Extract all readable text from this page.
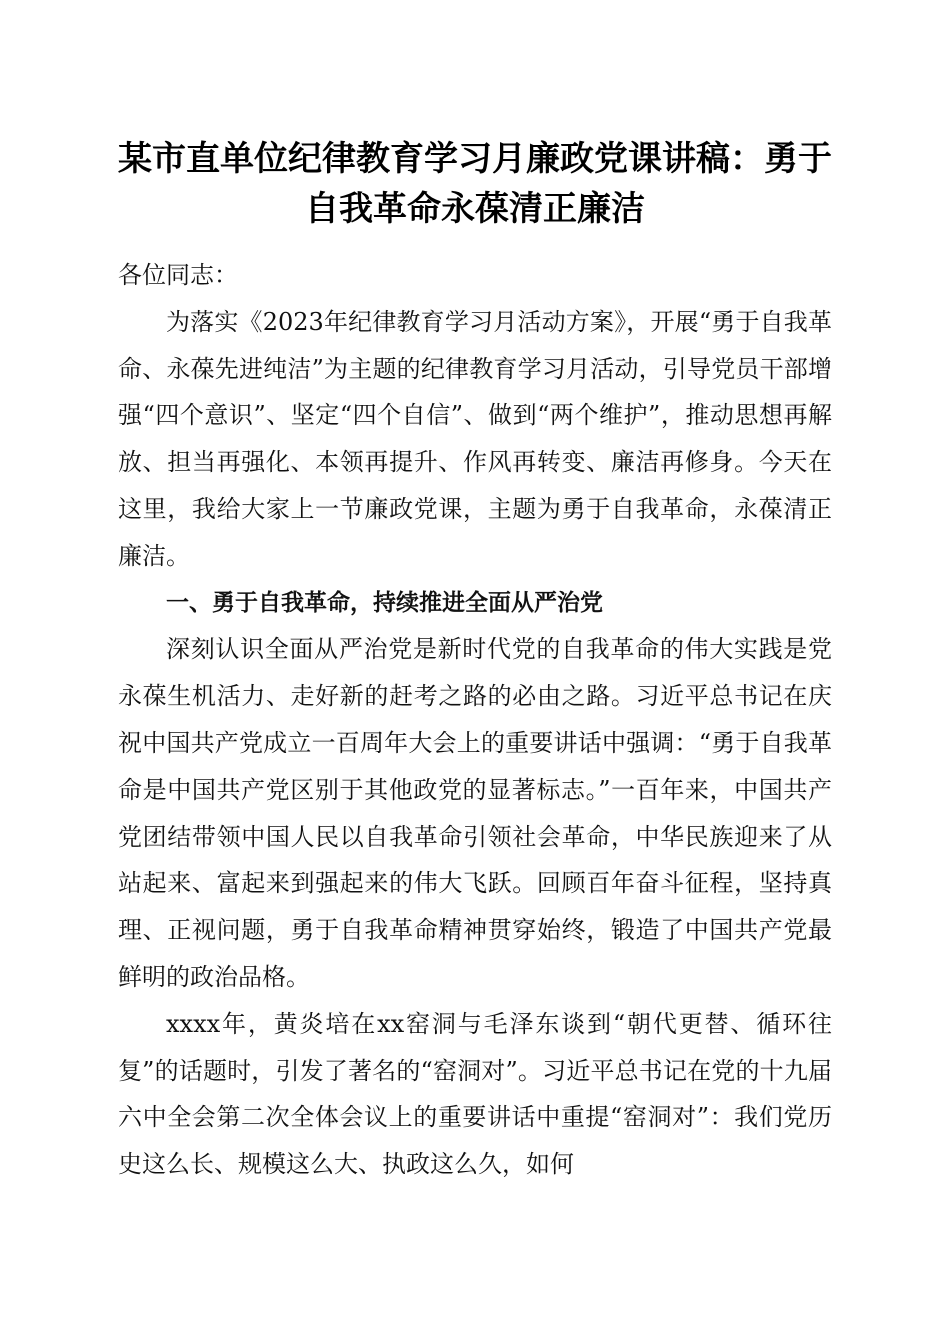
某市直单位纪律教育学习月廉政党课讲稿：勇于自我革命永葆清正廉洁

各位同志：

为落实《2023年纪律教育学习月活动方案》，开展“勇于自我革命、永葆先进纯洁”为主题的纪律教育学习月活动，引导党员干部增强“四个意识”、坚定“四个自信”、做到“两个维护”，推动思想再解放、担当再强化、本领再提升、作风再转变、廉洁再修身。今天在这里，我给大家上一节廉政党课，主题为勇于自我革命，永葆清正廉洁。

一、勇于自我革命，持续推进全面从严治党

深刻认识全面从严治党是新时代党的自我革命的伟大实践是党永葆生机活力、走好新的赶考之路的必由之路。习近平总书记在庆祝中国共产党成立一百周年大会上的重要讲话中强调：“勇于自我革命是中国共产党区别于其他政党的显著标志。”一百年来，中国共产党团结带领中国人民以自我革命引领社会革命，中华民族迎来了从站起来、富起来到强起来的伟大飞跃。回顾百年奋斗征程，坚持真理、正视问题，勇于自我革命精神贯穿始终，锻造了中国共产党最鲜明的政治品格。

xxxx年，黄炎培在xx窑洞与毛泽东谈到“朝代更替、循环往复”的话题时，引发了著名的“窑洞对”。习近平总书记在党的十九届六中全会第二次全体会议上的重要讲话中重提“窑洞对”：我们党历史这么长、规模这么大、执政这么久，如何
